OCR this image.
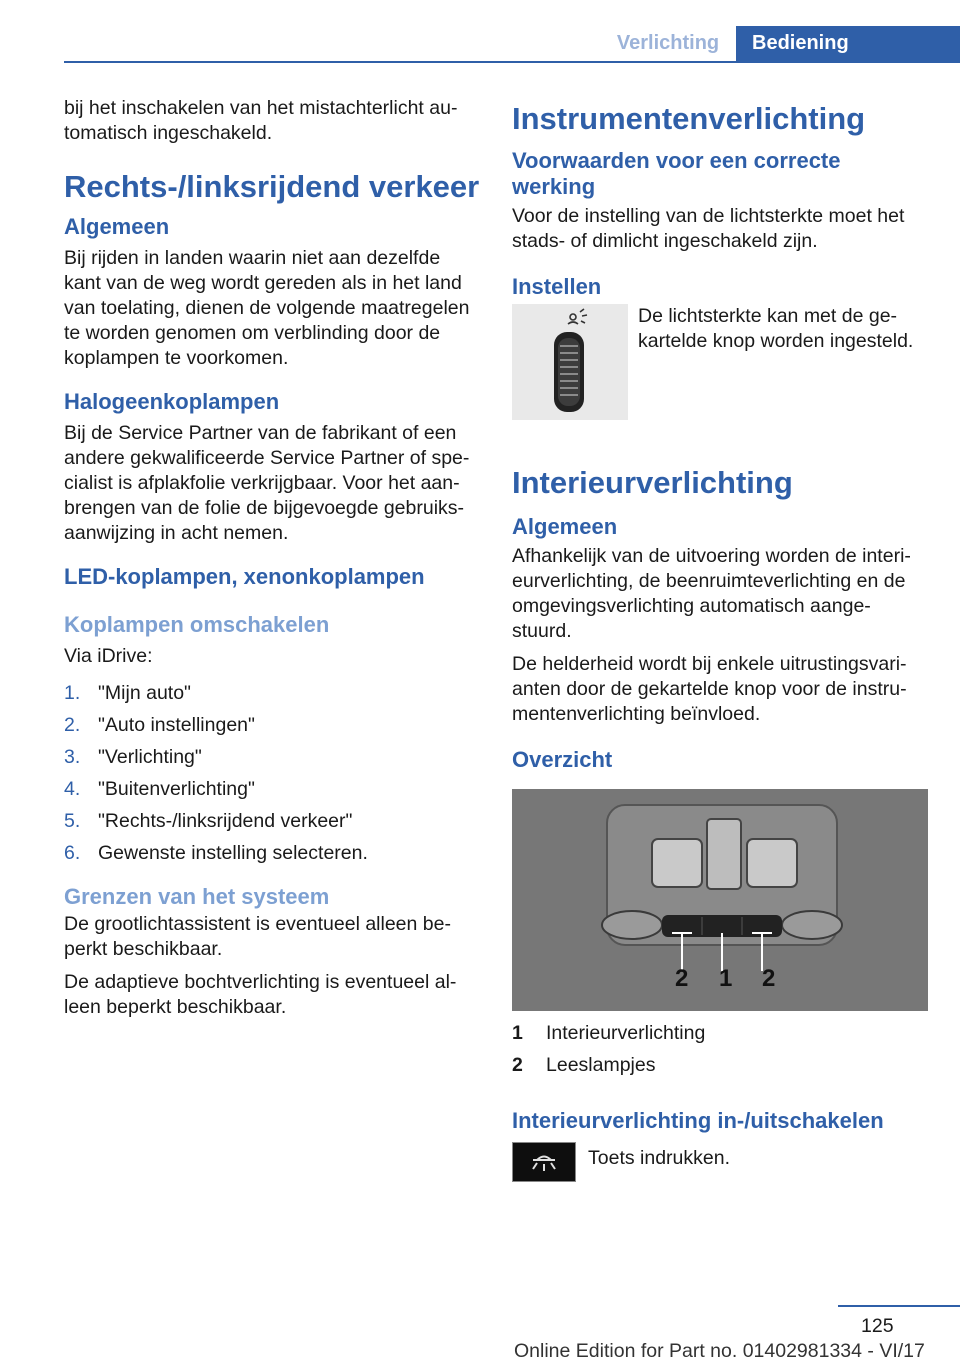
Verlichting	Bediening

bij het inschakelen van het mistachterlicht au-tomatisch ingeschakeld.

Rechts-/linksrijdend verkeer
Algemeen

Bij rijden in landen waarin niet aan dezelfde kant van de weg wordt gereden als in het land van toelating, dienen de volgende maatregelen te worden genomen om verblinding door de koplampen te voorkomen.

Halogeenkoplampen

Bij de Service Partner van de fabrikant of een andere gekwalificeerde Service Partner of spe-cialist is afplakfolie verkrijgbaar. Voor het aan-brengen van de folie de bijgevoegde gebruiks-aanwijzing in acht nemen.

LED-koplampen, xenonkoplampen
Koplampen omschakelen

Via iDrive:

1. "Mijn auto"
2. "Auto instellingen"
3. "Verlichting"
4. "Buitenverlichting"
5. "Rechts-/linksrijdend verkeer"
6. Gewenste instelling selecteren.
Grenzen van het systeem

De grootlichtassistent is eventueel alleen be-perkt beschikbaar.

De adaptieve bochtverlichting is eventueel al-leen beperkt beschikbaar.

Instrumentenverlichting
Voorwaarden voor een correcte werking

Voor de instelling van de lichtsterkte moet het stads- of dimlicht ingeschakeld zijn.

Instellen

De lichtsterkte kan met de ge-kartelde knop worden ingesteld.

Interieurverlichting
Algemeen

Afhankelijk van de uitvoering worden de interi-eurverlichting, de beenruimteverlichting en de omgevingsverlichting automatisch aange-stuurd.

De helderheid wordt bij enkele uitrustingsvari-anten door de gekartelde knop voor de instru-mentenverlichting beïnvloed.

Overzicht
2 1 2
1 Interieurverlichting
2 Leeslampjes
Interieurverlichting in-/uitschakelen

Toets indrukken.

125
Online Edition for Part no. 01402981334 - VI/17
